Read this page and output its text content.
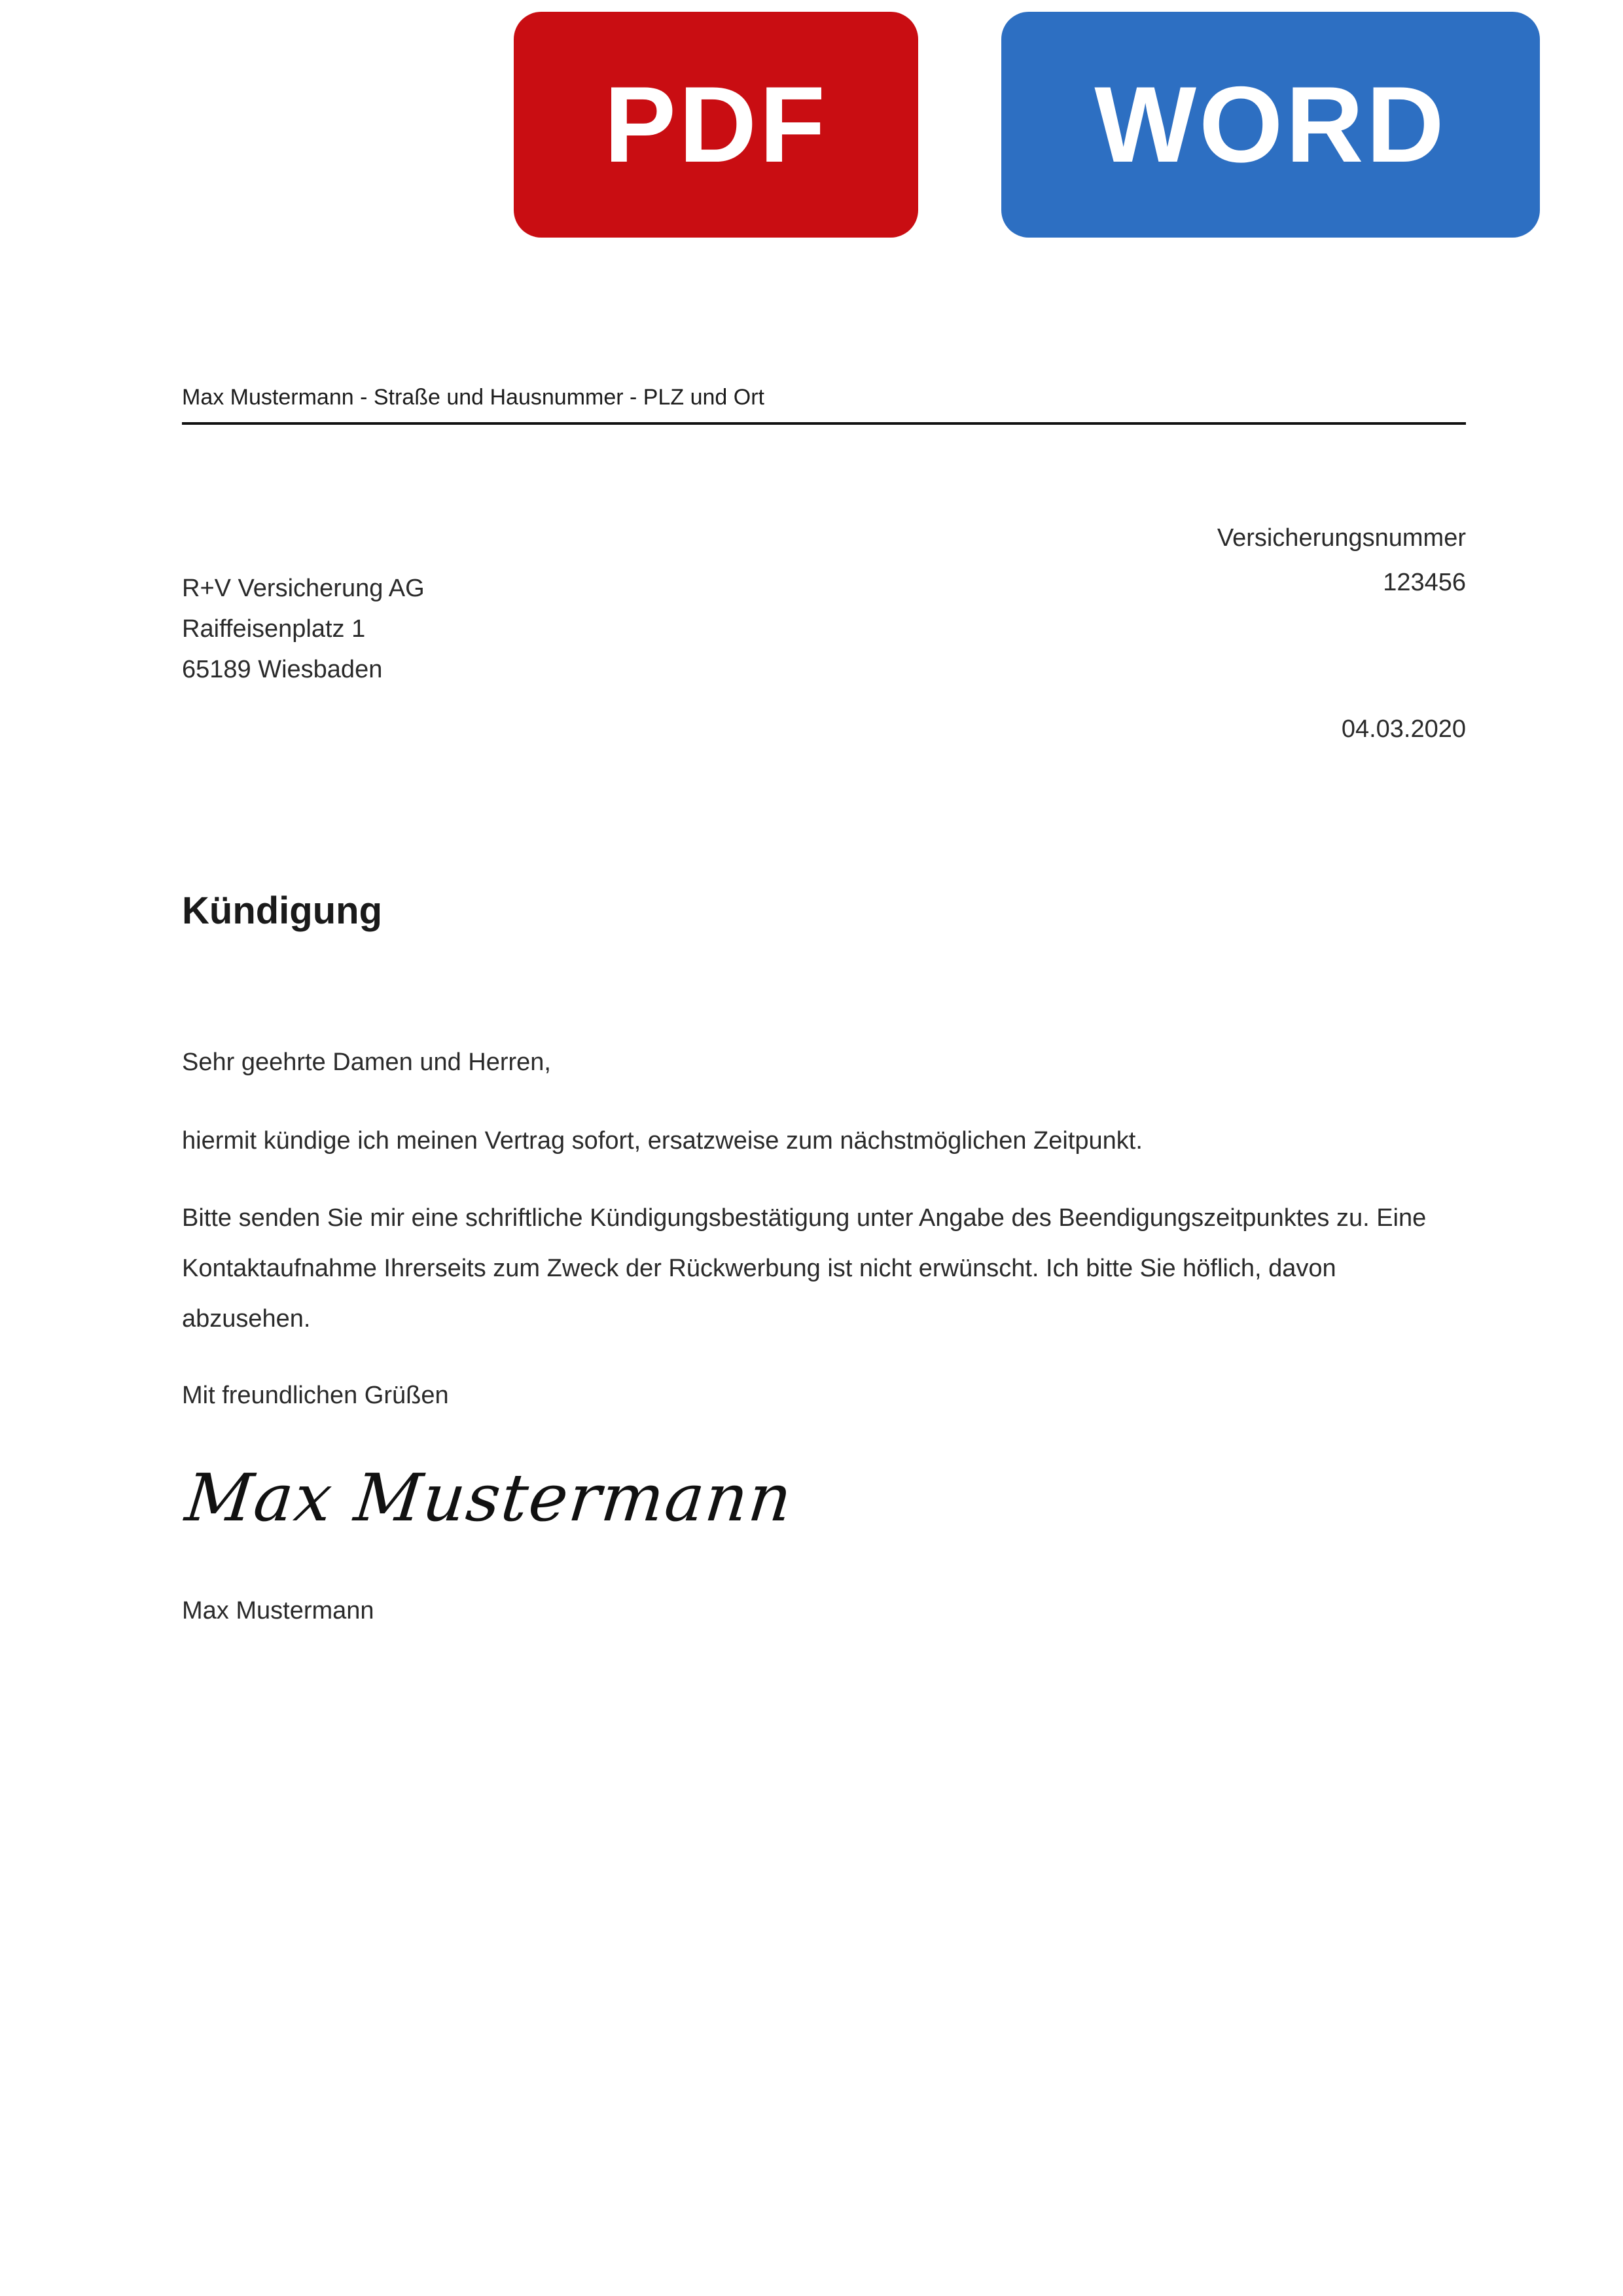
PDF	WORD
Max Mustermann - Straße und Hausnummer - PLZ und Ort
Versicherungsnummer
123456
R+V Versicherung AG
Raiffeisenplatz 1
65189 Wiesbaden
04.03.2020
Kündigung
Sehr geehrte Damen und Herren,
hiermit kündige ich meinen Vertrag sofort, ersatzweise zum nächstmöglichen Zeitpunkt.
Bitte senden Sie mir eine schriftliche Kündigungsbestätigung unter Angabe des Beendigungszeitpunktes zu. Eine Kontaktaufnahme Ihrerseits zum Zweck der Rückwerbung ist nicht erwünscht. Ich bitte Sie höflich, davon abzusehen.
Mit freundlichen Grüßen
Max Mustermann
Max Mustermann
